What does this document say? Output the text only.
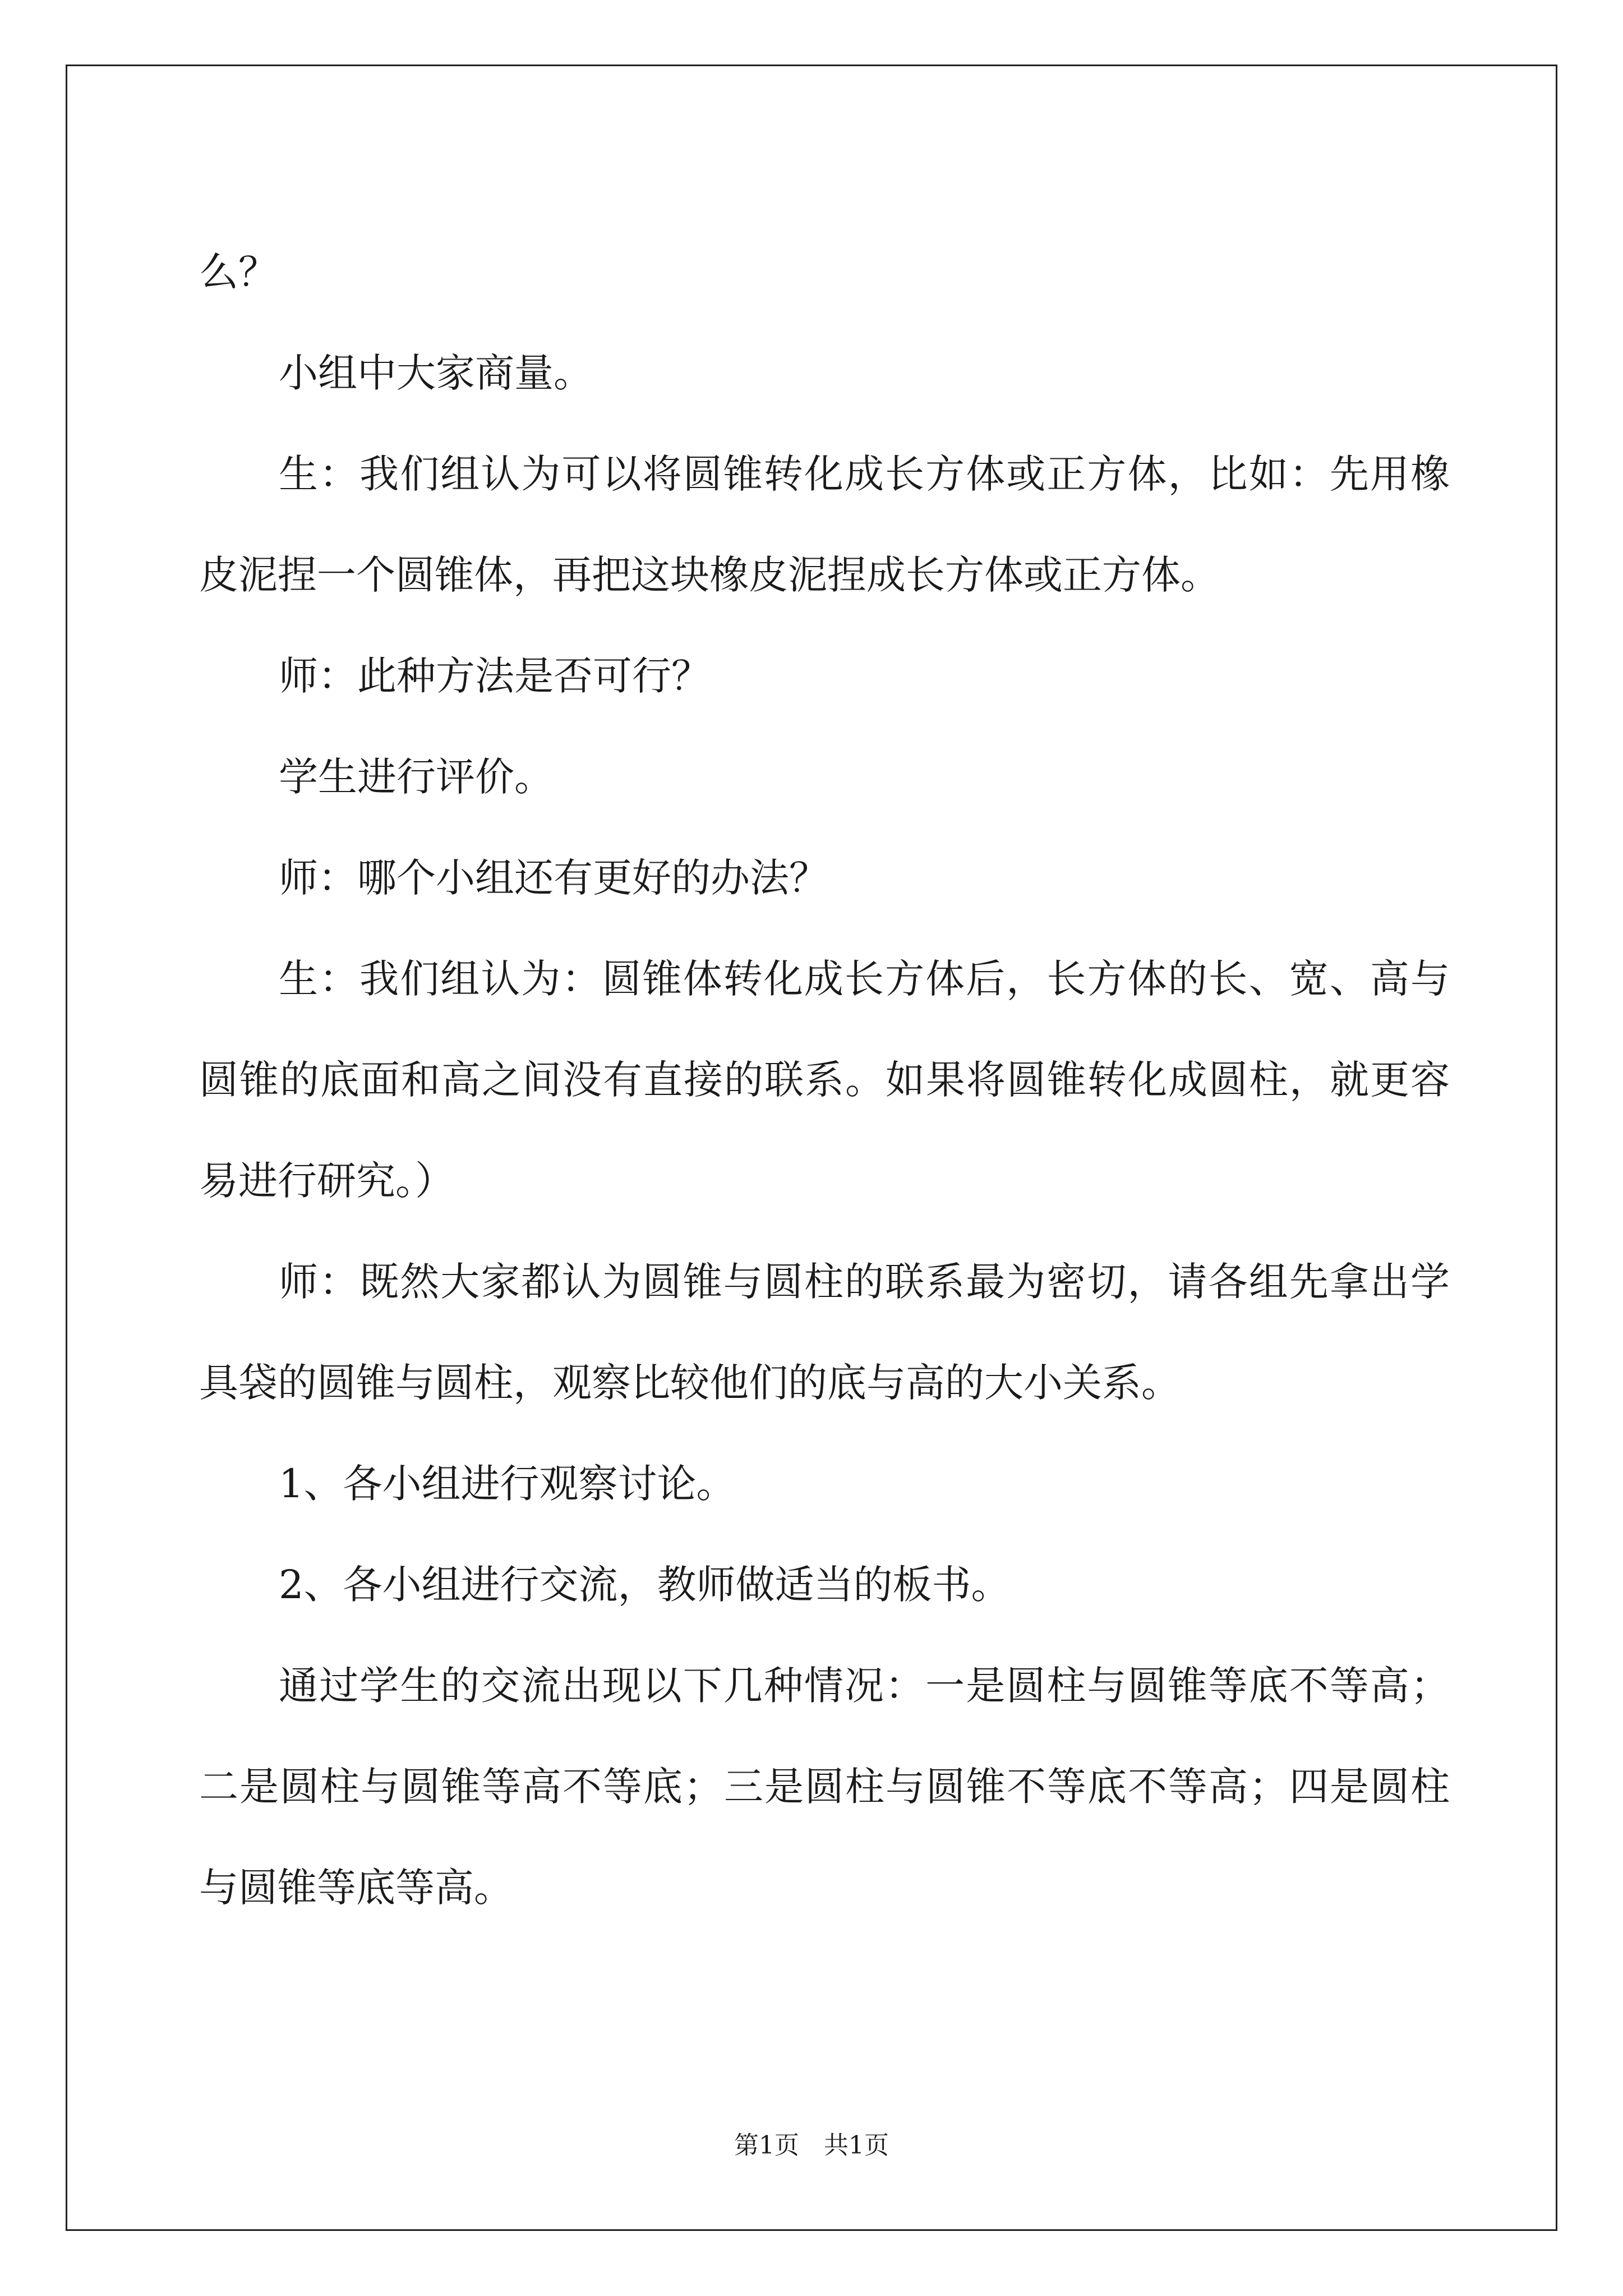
么？

小组中大家商量。

生：我们组认为可以将圆锥转化成长方体或正方体，比如：先用橡皮泥捏一个圆锥体，再把这块橡皮泥捏成长方体或正方体。

师：此种方法是否可行？

学生进行评价。

师：哪个小组还有更好的办法？

生：我们组认为：圆锥体转化成长方体后，长方体的长、宽、高与圆锥的底面和高之间没有直接的联系。如果将圆锥转化成圆柱，就更容易进行研究。）

师：既然大家都认为圆锥与圆柱的联系最为密切，请各组先拿出学具袋的圆锥与圆柱，观察比较他们的底与高的大小关系。

1、各小组进行观察讨论。

2、各小组进行交流，教师做适当的板书。

通过学生的交流出现以下几种情况：一是圆柱与圆锥等底不等高；二是圆柱与圆锥等高不等底；三是圆柱与圆锥不等底不等高；四是圆柱与圆锥等底等高。

第1页　共1页
